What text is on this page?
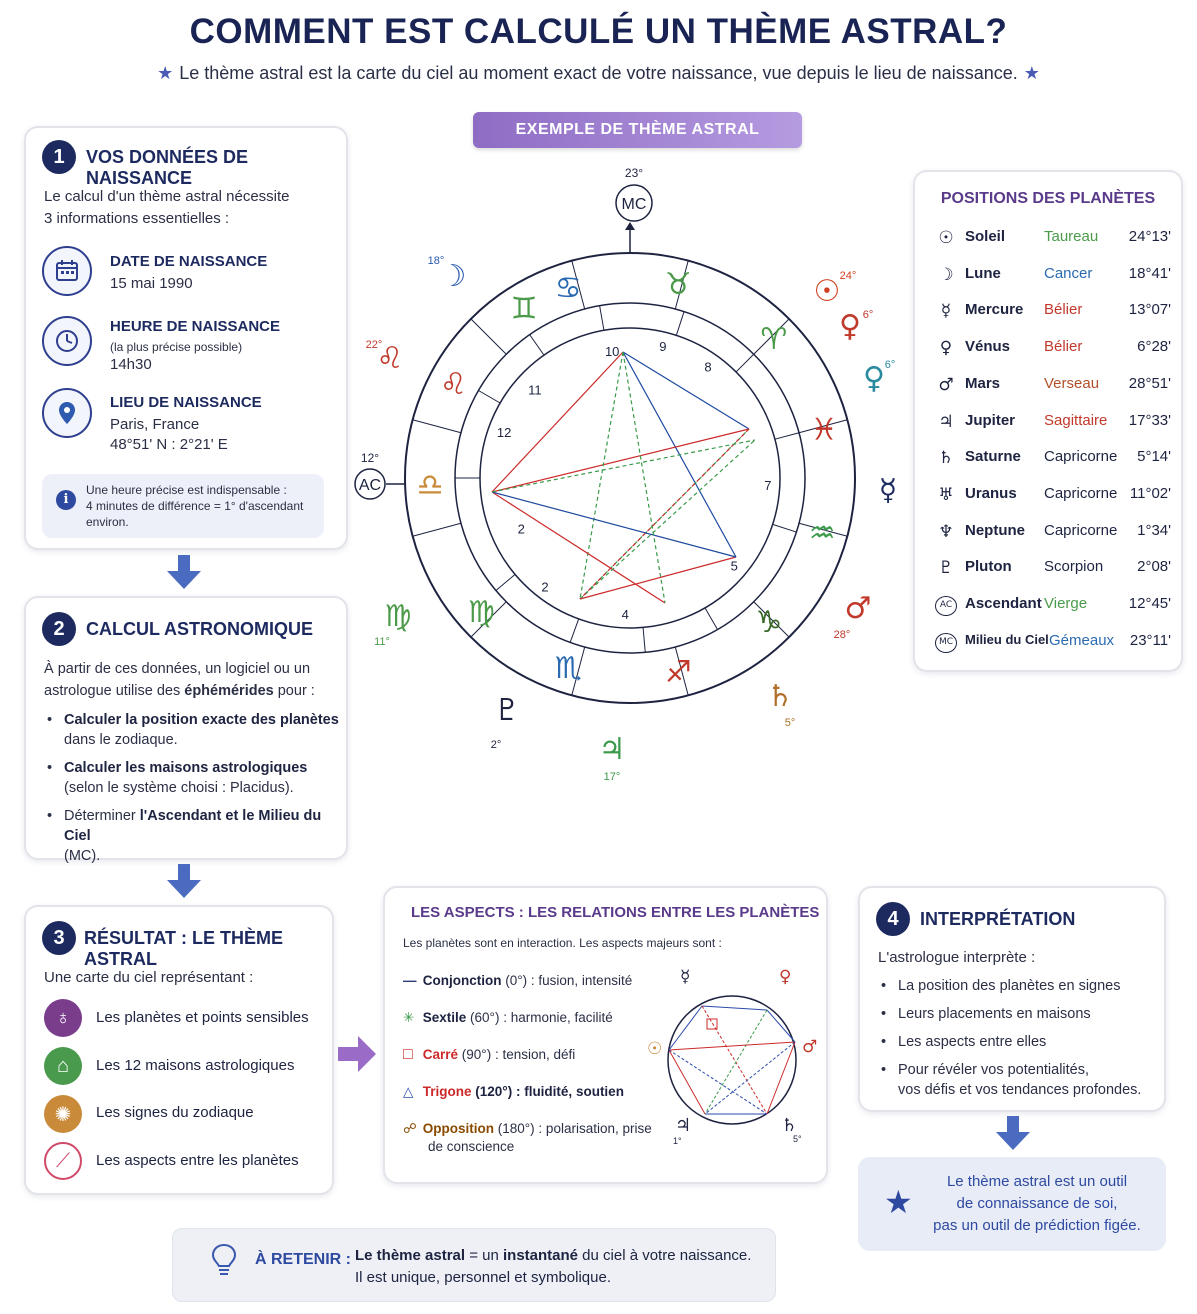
COMMENT EST CALCULÉ UN THÈME ASTRAL?
★ Le thème astral est la carte du ciel au moment exact de votre naissance, vue depuis le lieu de naissance. ★
EXEMPLE DE THÈME ASTRAL
1	VOS DONNÉES DE NAISSANCE
Le calcul d'un thème astral nécessite
3 informations essentielles :
DATE DE NAISSANCE
15 mai 1990
HEURE DE NAISSANCE
(la plus précise possible)
14h30
LIEU DE NAISSANCE
Paris, France
48°51' N : 2°21' E
i
Une heure précise est indispensable :
4 minutes de différence = 1° d'ascendant
environ.
2	CALCUL ASTRONOMIQUE
À partir de ces données, un logiciel ou un
astrologue utilise des éphémérides pour :
• Calculer la position exacte des planètes
dans le zodiaque.
• Calculer les maisons astrologiques
(selon le système choisi : Placidus).
• Déterminer l'Ascendant et le Milieu du Ciel
(MC).
3	RÉSULTAT : LE THÈME ASTRAL
Une carte du ciel représentant :
♁	Les planètes et points sensibles
⌂	Les 12 maisons astrologiques
✺	Les signes du zodiaque
⟋	Les aspects entre les planètes
LES ASPECTS : LES RELATIONS ENTRE LES PLANÈTES
Les planètes sont en interaction. Les aspects majeurs sont :
— Conjonction (0°) : fusion, intensité
✳ Sextile (60°) : harmonie, facilité
□ Carré (90°) : tension, défi
△ Trigone (120°) : fluidité, soutien
☍ Opposition (180°) : polarisation, prise
de conscience
☿	♀
☉	♂
♃
1°
♄
5°
4	INTERPRÉTATION
L'astrologue interprète :
• La position des planètes en signes
• Leurs placements en maisons
• Les aspects entre elles
• Pour révéler vos potentialités,
vos défis et vos tendances profondes.
★
Le thème astral est un outil
de connaissance de soi,
pas un outil de prédiction figée.
POSITIONS DES PLANÈTES
☉ Soleil	Taureau 24°13'
☽ Lune	Cancer 18°41'
☿ Mercure Bélier	13°07'
♀ Vénus Bélier	6°28'
♂ Mars	Verseau 28°51'
♃ Jupiter Sagittaire 17°33'
♄ Saturne Capricorne 5°14'
♅ Uranus Capricorne 11°02'
♆ Neptune Capricorne 1°34'
♇ Pluton Scorpion 2°08'
AC Ascendant Vierge	12°45'
MC Milieu du Ciel Gémeaux 23°11'
♋	♉
♈
♓
♒
♑
♐
♏
♍
♎
♌
♊
10	9
8
7
5
4
2
2
12
11
MC
23°
AC
12°
☽
18°
♌
22°
♍
11°
♇
2°	♃
17°
♄
5°
♂
28°
☿
♀ 6°
♀ 6°
☉ 24°
À RETENIR : Le thème astral = un instantané du ciel à votre naissance.
Il est unique, personnel et symbolique.
